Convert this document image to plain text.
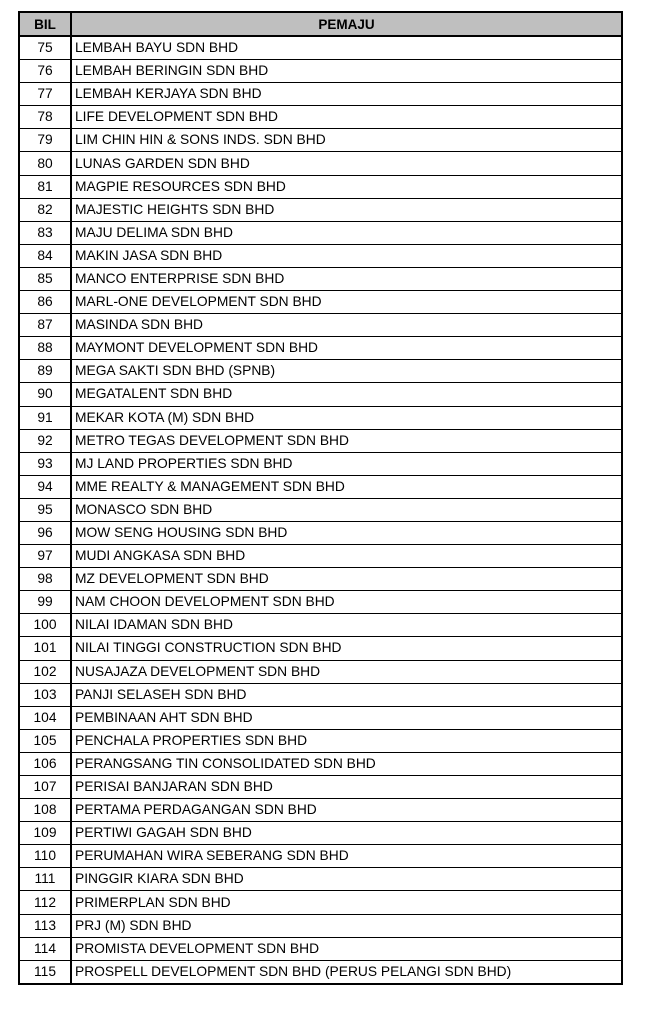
BIL	PEMAJU
75	LEMBAH BAYU SDN BHD
76	LEMBAH BERINGIN SDN BHD
77	LEMBAH KERJAYA SDN BHD
78	LIFE DEVELOPMENT SDN BHD
79	LIM CHIN HIN & SONS INDS. SDN BHD
80	LUNAS GARDEN SDN BHD
81	MAGPIE RESOURCES SDN BHD
82	MAJESTIC HEIGHTS SDN BHD
83	MAJU DELIMA SDN BHD
84	MAKIN JASA SDN BHD
85	MANCO ENTERPRISE SDN BHD
86	MARL-ONE DEVELOPMENT SDN BHD
87	MASINDA SDN BHD
88	MAYMONT DEVELOPMENT SDN BHD
89	MEGA SAKTI SDN BHD (SPNB)
90	MEGATALENT SDN BHD
91	MEKAR KOTA (M) SDN BHD
92	METRO TEGAS DEVELOPMENT SDN BHD
93	MJ LAND PROPERTIES SDN BHD
94	MME REALTY & MANAGEMENT SDN BHD
95	MONASCO SDN BHD
96	MOW SENG HOUSING SDN BHD
97	MUDI ANGKASA SDN BHD
98	MZ DEVELOPMENT SDN BHD
99	NAM CHOON DEVELOPMENT SDN BHD
100	NILAI IDAMAN SDN BHD
101	NILAI TINGGI CONSTRUCTION SDN BHD
102	NUSAJAZA DEVELOPMENT SDN BHD
103	PANJI SELASEH SDN BHD
104	PEMBINAAN AHT SDN BHD
105	PENCHALA PROPERTIES SDN BHD
106	PERANGSANG TIN CONSOLIDATED SDN BHD
107	PERISAI BANJARAN SDN BHD
108	PERTAMA PERDAGANGAN SDN BHD
109	PERTIWI GAGAH SDN BHD
110	PERUMAHAN WIRA SEBERANG SDN BHD
111	PINGGIR KIARA SDN BHD
112	PRIMERPLAN SDN BHD
113	PRJ (M) SDN BHD
114	PROMISTA DEVELOPMENT SDN BHD
115	PROSPELL DEVELOPMENT SDN BHD (PERUS PELANGI SDN BHD)
